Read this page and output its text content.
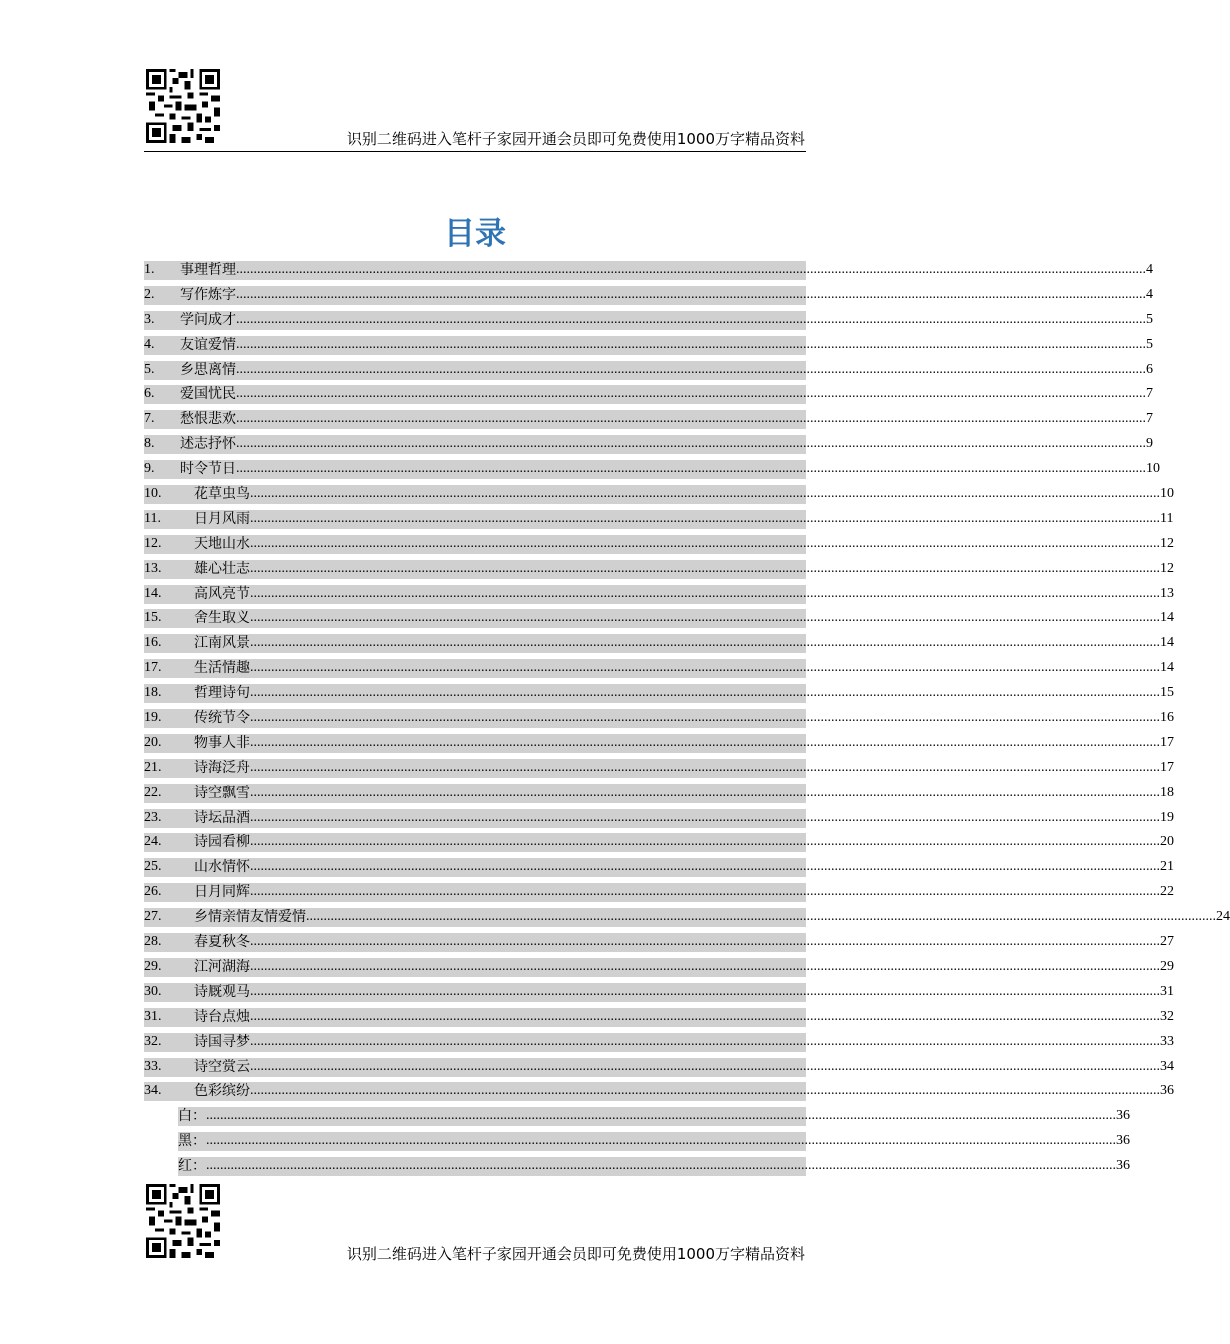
识别二维码进入笔杆子家园开通会员即可免费使用1000万字精品资料
目录
1.	事理哲理 .................................................................................................................................................................................................................................................................... 4
2.	写作炼字 .................................................................................................................................................................................................................................................................... 4
3.	学问成才 .................................................................................................................................................................................................................................................................... 5
4.	友谊爱情 .................................................................................................................................................................................................................................................................... 5
5.	乡思离情 .................................................................................................................................................................................................................................................................... 6
6.	爱国忧民 .................................................................................................................................................................................................................................................................... 7
7.	愁恨悲欢 .................................................................................................................................................................................................................................................................... 7
8.	述志抒怀 .................................................................................................................................................................................................................................................................... 9
9.	时令节日 .................................................................................................................................................................................................................................................................... 10
10.	花草虫鸟 .................................................................................................................................................................................................................................................................... 10
11.	日月风雨 .................................................................................................................................................................................................................................................................... 11
12.	天地山水 .................................................................................................................................................................................................................................................................... 12
13.	雄心壮志 .................................................................................................................................................................................................................................................................... 12
14.	高风亮节 .................................................................................................................................................................................................................................................................... 13
15.	舍生取义 .................................................................................................................................................................................................................................................................... 14
16.	江南风景 .................................................................................................................................................................................................................................................................... 14
17.	生活情趣 .................................................................................................................................................................................................................................................................... 14
18.	哲理诗句 .................................................................................................................................................................................................................................................................... 15
19.	传统节令 .................................................................................................................................................................................................................................................................... 16
20.	物事人非 .................................................................................................................................................................................................................................................................... 17
21.	诗海泛舟 .................................................................................................................................................................................................................................................................... 17
22.	诗空飘雪 .................................................................................................................................................................................................................................................................... 18
23.	诗坛品酒 .................................................................................................................................................................................................................................................................... 19
24.	诗园看柳 .................................................................................................................................................................................................................................................................... 20
25.	山水情怀 .................................................................................................................................................................................................................................................................... 21
26.	日月同辉 .................................................................................................................................................................................................................................................................... 22
27.	乡情亲情友情爱情 .................................................................................................................................................................................................................................................................... 24
28.	春夏秋冬 .................................................................................................................................................................................................................................................................... 27
29.	江河湖海 .................................................................................................................................................................................................................................................................... 29
30.	诗厩观马 .................................................................................................................................................................................................................................................................... 31
31.	诗台点烛 .................................................................................................................................................................................................................................................................... 32
32.	诗国寻梦 .................................................................................................................................................................................................................................................................... 33
33.	诗空赏云 .................................................................................................................................................................................................................................................................... 34
34.	色彩缤纷 .................................................................................................................................................................................................................................................................... 36
白： .................................................................................................................................................................................................................................................................... 36
黑： .................................................................................................................................................................................................................................................................... 36
红： .................................................................................................................................................................................................................................................................... 36
识别二维码进入笔杆子家园开通会员即可免费使用1000万字精品资料
